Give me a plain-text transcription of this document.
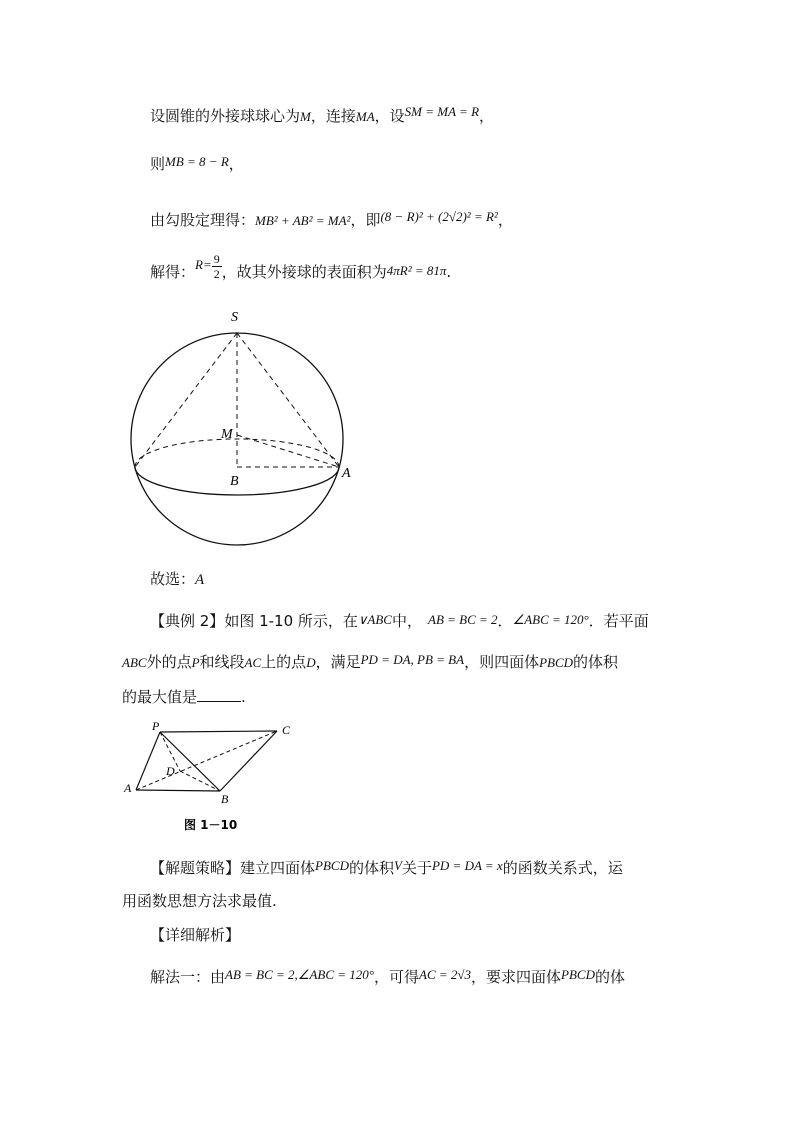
设圆锥的外接球球心为M，连接MA，设SM = MA = R，
则MB = 8 − R，
由勾股定理得：MB² + AB² = MA²，即(8 − R)² + (2√2)² = R²，
解得：$R= \frac{9}{2}$ ，故其外接球的表面积为4πR² = 81π.
S
M
B
A
故选：A
【典例 2】如图 1-10 所示，在∨ABC中， AB = BC = 2．∠ABC = 120°．若平面
ABC外的点P和线段AC上的点D，满足PD = DA, PB = BA，则四面体PBCD的体积
的最大值是	.
P	C
D
A
B
图 1－10
【解题策略】建立四面体PBCD的体积V关于PD = DA = x的函数关系式，运
用函数思想方法求最值.
【详细解析】
解法一：由AB = BC = 2,∠ABC = 120°，可得AC = 2√3，要求四面体PBCD的体
